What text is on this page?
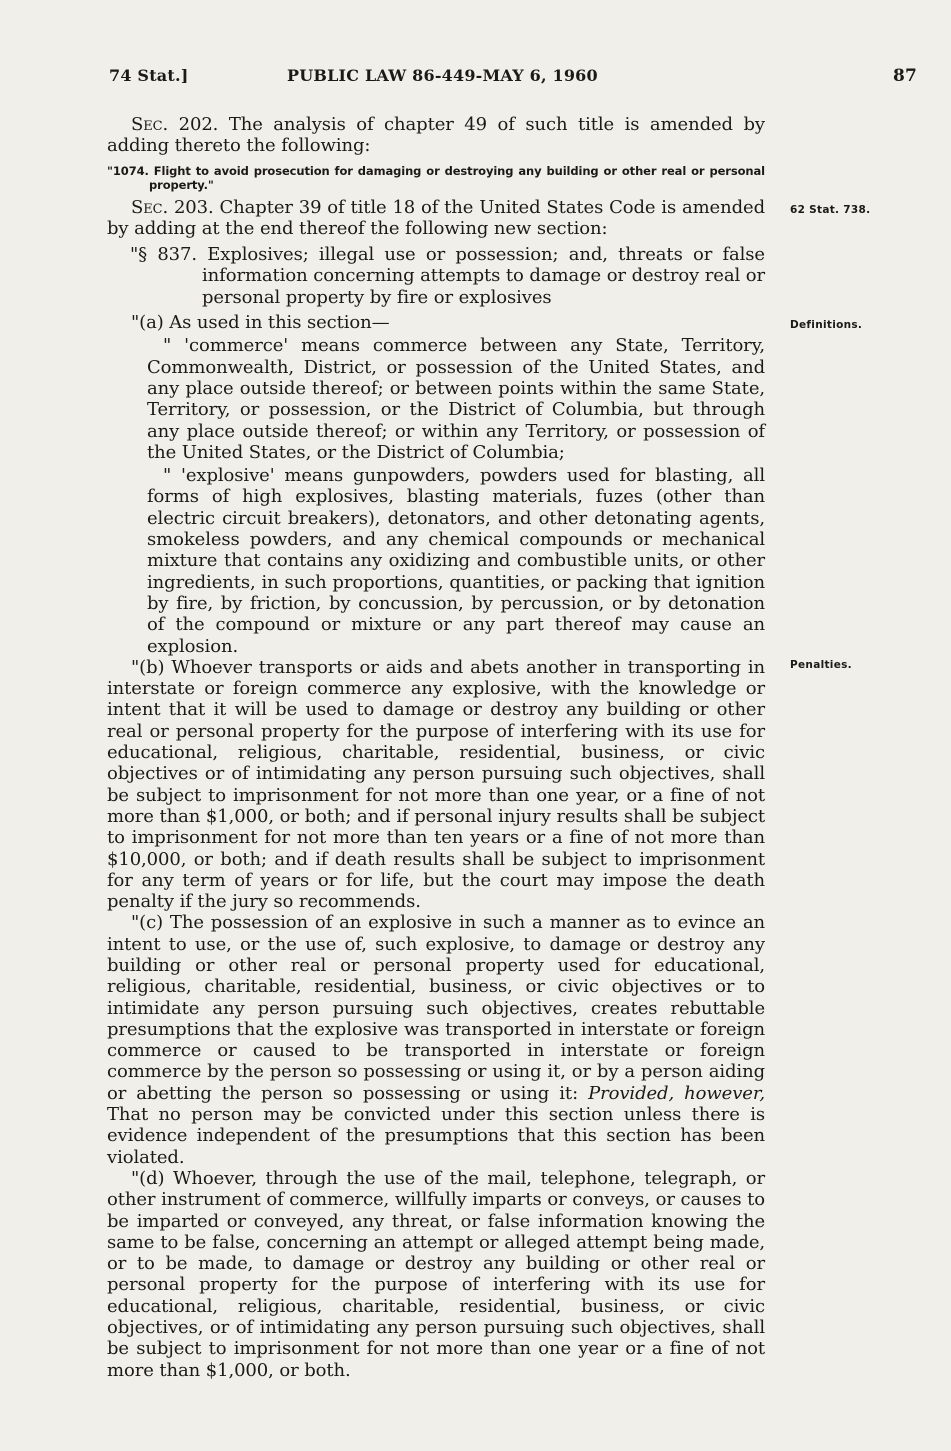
74 Stat.]	PUBLIC LAW 86-449-MAY 6, 1960	87
62 Stat. 738.
Definitions.
Penalties.

Sec. 202. The analysis of chapter 49 of such title is amended by adding thereto the following:

"1074. Flight to avoid prosecution for damaging or destroying any building or other real or personal property."

Sec. 203. Chapter 39 of title 18 of the United States Code is amended by adding at the end thereof the following new section:

"§ 837. Explosives; illegal use or possession; and, threats or false information concerning attempts to damage or destroy real or personal property by fire or explosives

"(a) As used in this section—

" 'commerce' means commerce between any State, Territory, Commonwealth, District, or possession of the United States, and any place outside thereof; or between points within the same State, Territory, or possession, or the District of Columbia, but through any place outside thereof; or within any Territory, or possession of the United States, or the District of Columbia;

" 'explosive' means gunpowders, powders used for blasting, all forms of high explosives, blasting materials, fuzes (other than electric circuit breakers), detonators, and other detonating agents, smokeless powders, and any chemical compounds or mechanical mixture that contains any oxidizing and combustible units, or other ingredients, in such proportions, quantities, or packing that ignition by fire, by friction, by concussion, by percussion, or by detonation of the compound or mixture or any part thereof may cause an explosion.

"(b) Whoever transports or aids and abets another in transporting in interstate or foreign commerce any explosive, with the knowledge or intent that it will be used to damage or destroy any building or other real or personal property for the purpose of interfering with its use for educational, religious, charitable, residential, business, or civic objectives or of intimidating any person pursuing such objectives, shall be subject to imprisonment for not more than one year, or a fine of not more than $1,000, or both; and if personal injury results shall be subject to imprisonment for not more than ten years or a fine of not more than $10,000, or both; and if death results shall be subject to imprisonment for any term of years or for life, but the court may impose the death penalty if the jury so recommends.

"(c) The possession of an explosive in such a manner as to evince an intent to use, or the use of, such explosive, to damage or destroy any building or other real or personal property used for educational, religious, charitable, residential, business, or civic objectives or to intimidate any person pursuing such objectives, creates rebuttable presumptions that the explosive was transported in interstate or foreign commerce or caused to be transported in interstate or foreign commerce by the person so possessing or using it, or by a person aiding or abetting the person so possessing or using it: Provided, however, That no person may be convicted under this section unless there is evidence independent of the presumptions that this section has been violated.

"(d) Whoever, through the use of the mail, telephone, telegraph, or other instrument of commerce, willfully imparts or conveys, or causes to be imparted or conveyed, any threat, or false information knowing the same to be false, concerning an attempt or alleged attempt being made, or to be made, to damage or destroy any building or other real or personal property for the purpose of interfering with its use for educational, religious, charitable, residential, business, or civic objectives, or of intimidating any person pursuing such objectives, shall be subject to imprisonment for not more than one year or a fine of not more than $1,000, or both.
